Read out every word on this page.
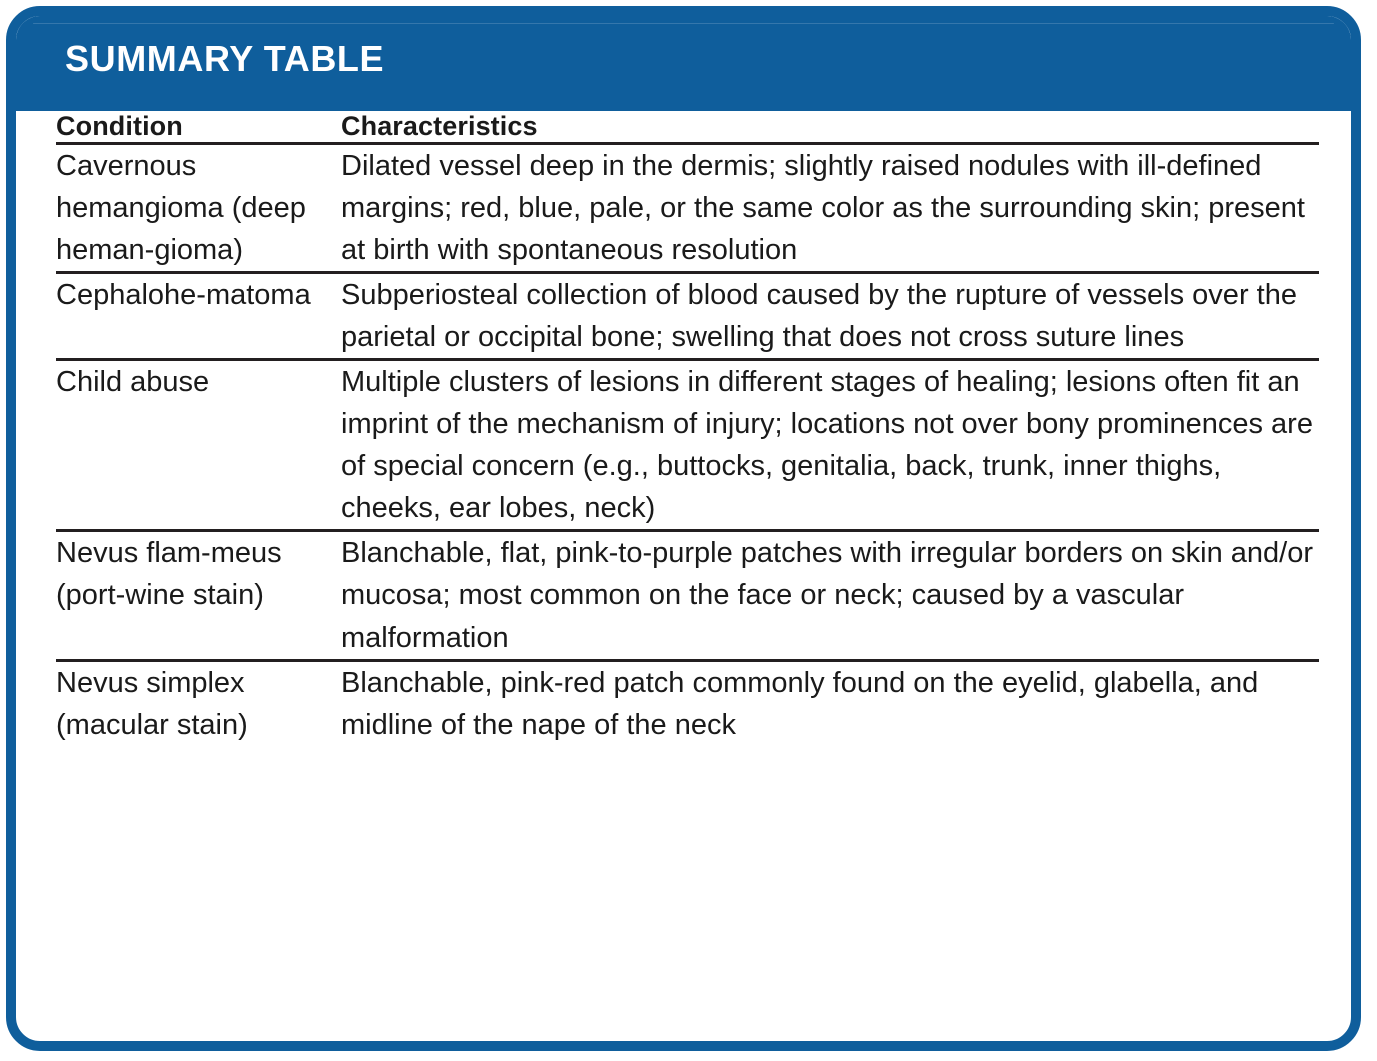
SUMMARY TABLE
Condition	Characteristics
Cavernous hemangioma (deep heman-gioma)	Dilated vessel deep in the dermis; slightly raised nodules with ill-defined margins; red, blue, pale, or the same color as the surrounding skin; present at birth with spontaneous resolution
Cephalohe-matoma	Subperiosteal collection of blood caused by the rupture of vessels over the parietal or occipital bone; swelling that does not cross suture lines
Child abuse	Multiple clusters of lesions in different stages of healing; lesions often fit an imprint of the mechanism of injury; locations not over bony prominences are of special concern (e.g., buttocks, genitalia, back, trunk, inner thighs, cheeks, ear lobes, neck)
Nevus flam-meus (port-wine stain)	Blanchable, flat, pink-to-purple patches with irregular borders on skin and/or mucosa; most common on the face or neck; caused by a vascular malformation
Nevus simplex (macular stain)	Blanchable, pink-red patch commonly found on the eyelid, glabella, and midline of the nape of the neck
